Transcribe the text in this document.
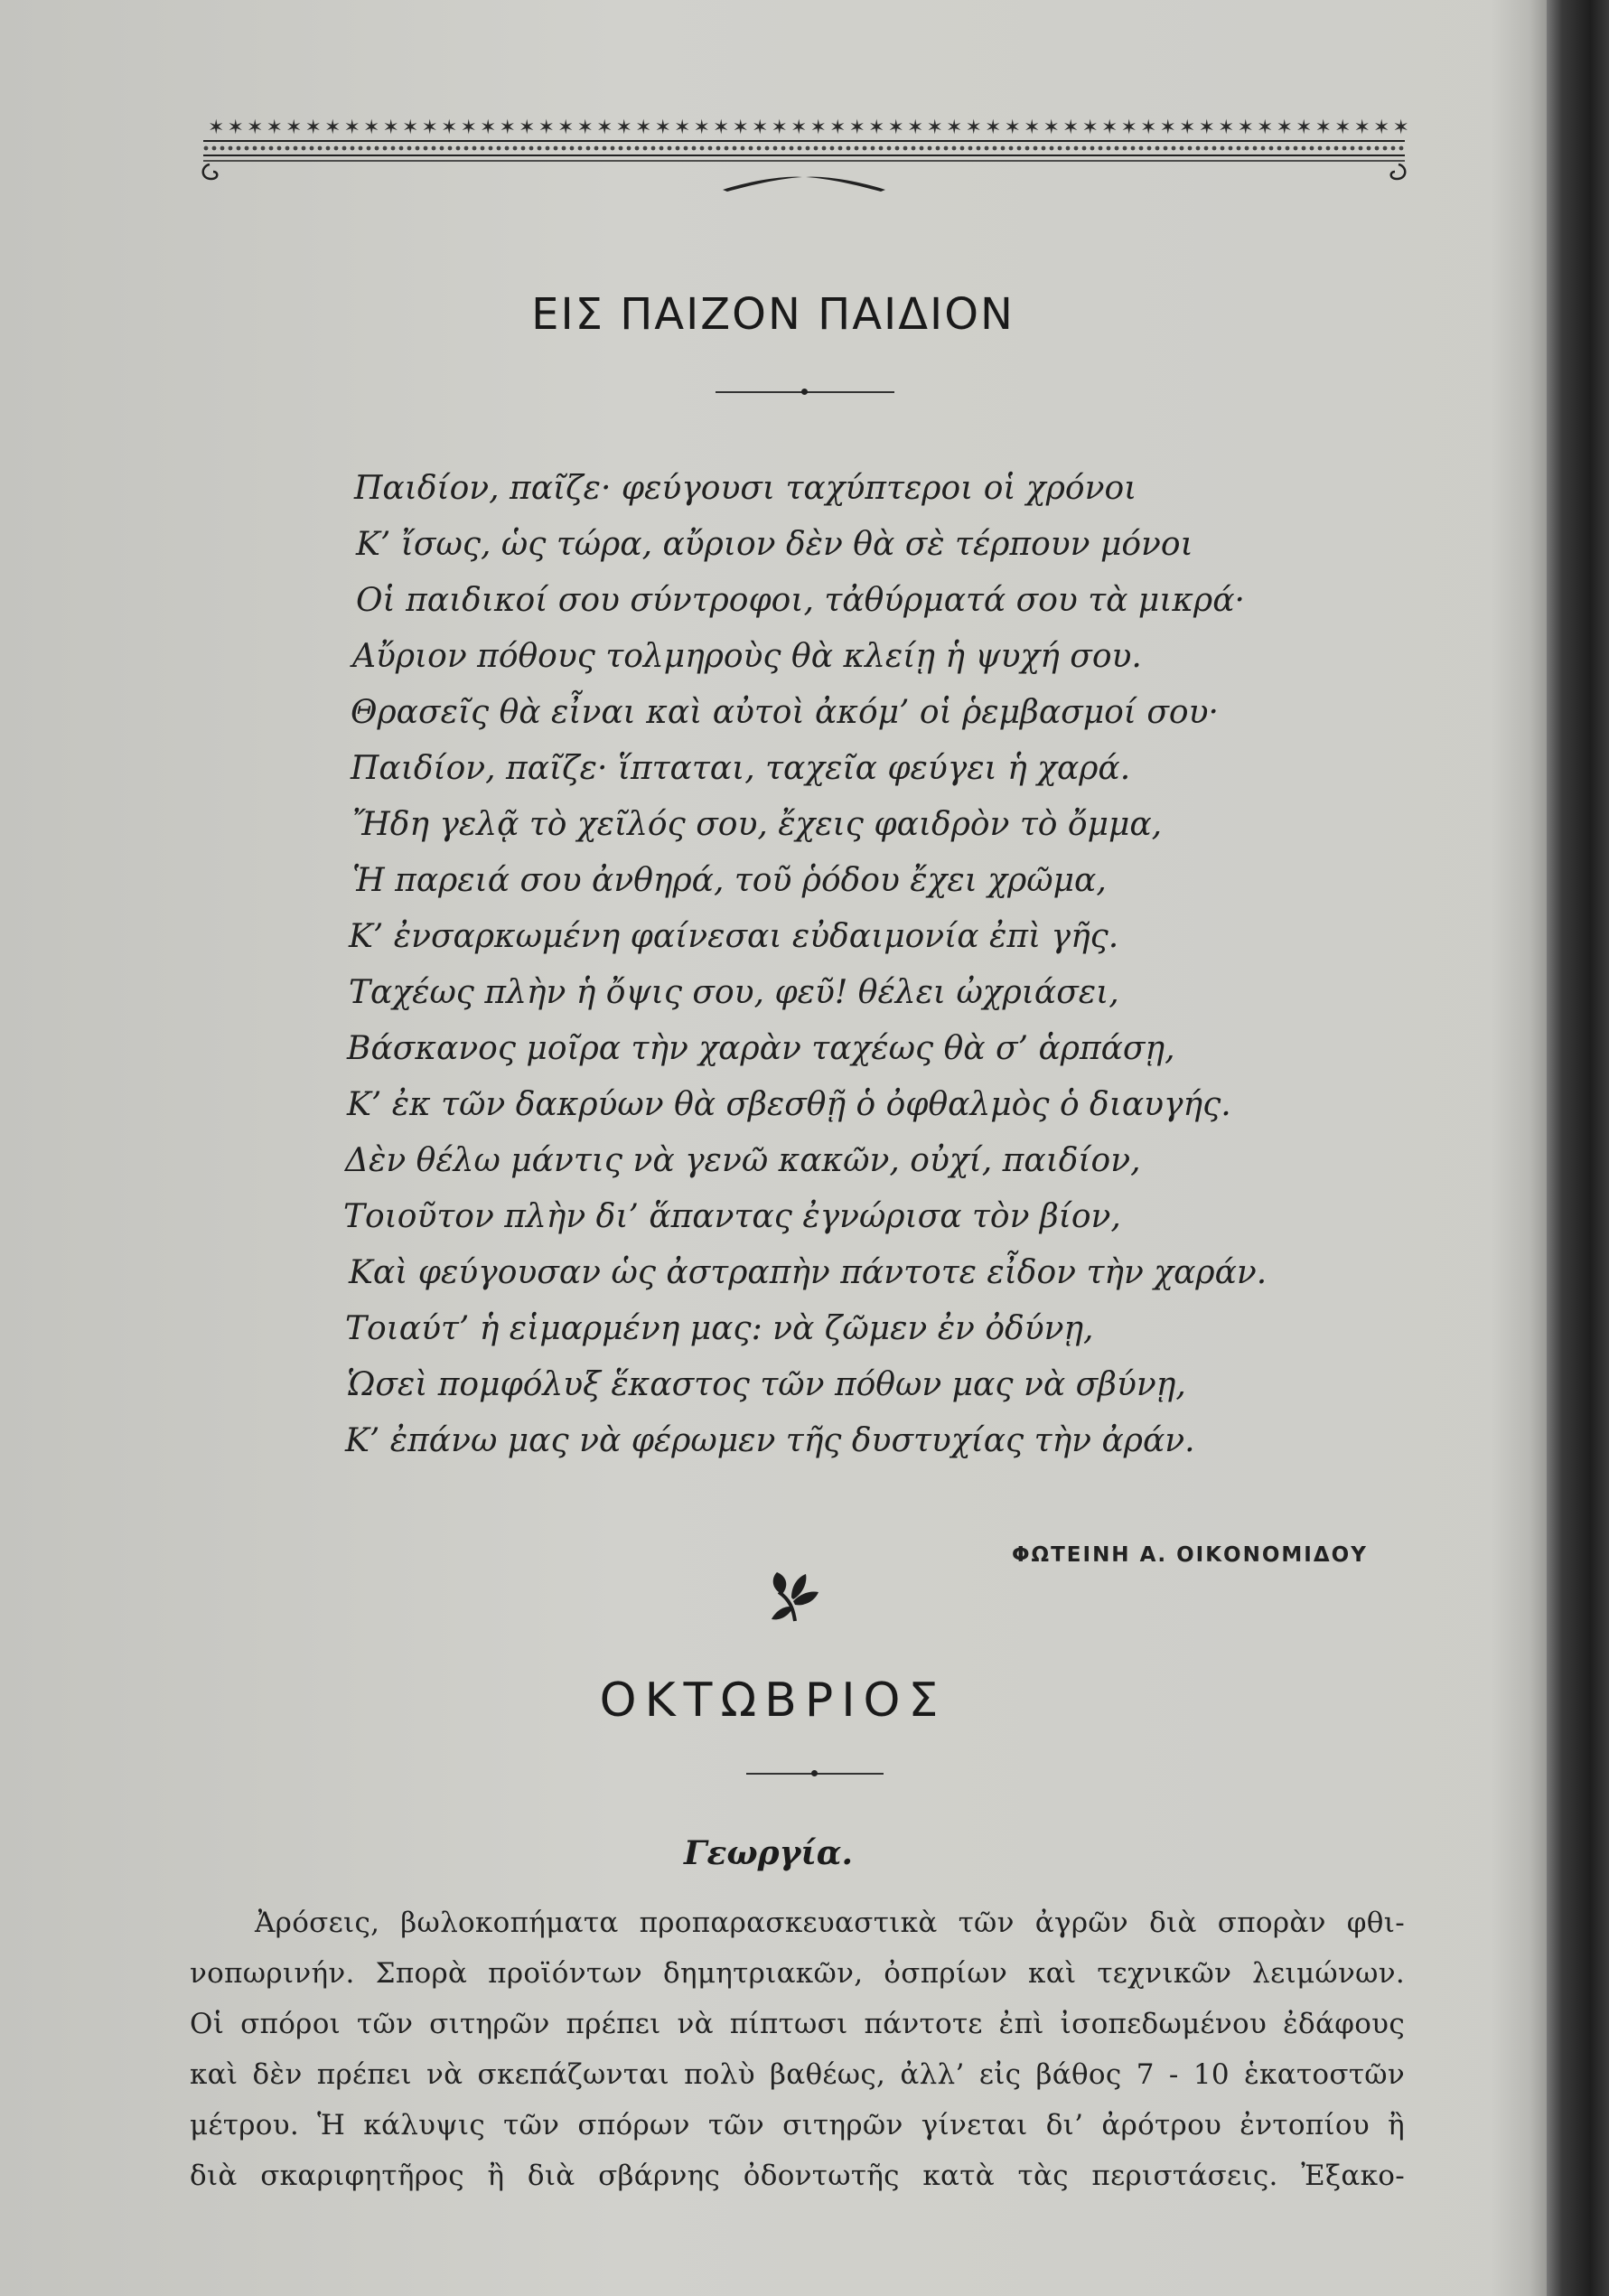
✶ ✶ ✶ ✶ ✶ ✶ ✶ ✶ ✶ ✶ ✶ ✶ ✶ ✶ ✶ ✶ ✶ ✶ ✶ ✶ ✶ ✶ ✶ ✶ ✶ ✶ ✶ ✶ ✶ ✶ ✶ ✶ ✶ ✶ ✶ ✶ ✶ ✶ ✶ ✶ ✶ ✶ ✶ ✶ ✶ ✶ ✶ ✶ ✶ ✶ ✶ ✶ ✶ ✶ ✶ ✶ ✶ ✶ ✶ ✶ ✶ ✶
ΕΙΣ ΠΑΙΖΟΝ ΠΑΙΔΙΟΝ
Παιδίον, παῖζε· φεύγουσι ταχύπτεροι οἱ χρόνοι
Κ’ ἴσως, ὡς τώρα, αὔριον δὲν θὰ σὲ τέρπουν μόνοι
Οἱ παιδικοί σου σύντροφοι, τἀθύρματά σου τὰ μικρά·
Αὔριον πόθους τολμηροὺς θὰ κλείῃ ἡ ψυχή σου.
Θρασεῖς θὰ εἶναι καὶ αὐτοὶ ἀκόμ’ οἱ ῥεμβασμοί σου·
Παιδίον, παῖζε· ἵπταται, ταχεῖα φεύγει ἡ χαρά.
Ἤδη γελᾷ τὸ χεῖλός σου, ἔχεις φαιδρὸν τὸ ὄμμα,
Ἡ παρειά σου ἀνθηρά, τοῦ ῥόδου ἔχει χρῶμα,
Κ’ ἐνσαρκωμένη φαίνεσαι εὐδαιμονία ἐπὶ γῆς.
Ταχέως πλὴν ἡ ὄψις σου, φεῦ! θέλει ὠχριάσει,
Βάσκανος μοῖρα τὴν χαρὰν ταχέως θὰ σ’ ἁρπάσῃ,
Κ’ ἐκ τῶν δακρύων θὰ σβεσθῇ ὁ ὀφθαλμὸς ὁ διαυγής.
Δὲν θέλω μάντις νὰ γενῶ κακῶν, οὐχί, παιδίον,
Τοιοῦτον πλὴν δι’ ἅπαντας ἐγνώρισα τὸν βίον,
Καὶ φεύγουσαν ὡς ἀστραπὴν πάντοτε εἶδον τὴν χαράν.
Τοιαύτ’ ἡ εἱμαρμένη μας: νὰ ζῶμεν ἐν ὀδύνῃ,
Ὡσεὶ πομφόλυξ ἕκαστος τῶν πόθων μας νὰ σβύνῃ,
Κ’ ἐπάνω μας νὰ φέρωμεν τῆς δυστυχίας τὴν ἀράν.
ΦΩΤΕΙΝΗ Α. ΟΙΚΟΝΟΜΙΔΟΥ
ΟΚΤΩΒΡΙΟΣ
Γεωργία.
Ἀρόσεις, βωλοκοπήματα προπαρασκευαστικὰ τῶν ἀγρῶν διὰ σπορὰν φθι-
νοπωρινήν. Σπορὰ προϊόντων δημητριακῶν, ὀσπρίων καὶ τεχνικῶν λειμώνων.
Οἱ σπόροι τῶν σιτηρῶν πρέπει νὰ πίπτωσι πάντοτε ἐπὶ ἰσοπεδωμένου ἐδάφους
καὶ δὲν πρέπει νὰ σκεπάζωνται πολὺ βαθέως, ἀλλ’ εἰς βάθος 7 - 10 ἑκατοστῶν
μέτρου. Ἡ κάλυψις τῶν σπόρων τῶν σιτηρῶν γίνεται δι’ ἀρότρου ἐντοπίου ἢ
διὰ σκαριφητῆρος ἢ διὰ σβάρνης ὀδοντωτῆς κατὰ τὰς περιστάσεις. Ἐξακο-
